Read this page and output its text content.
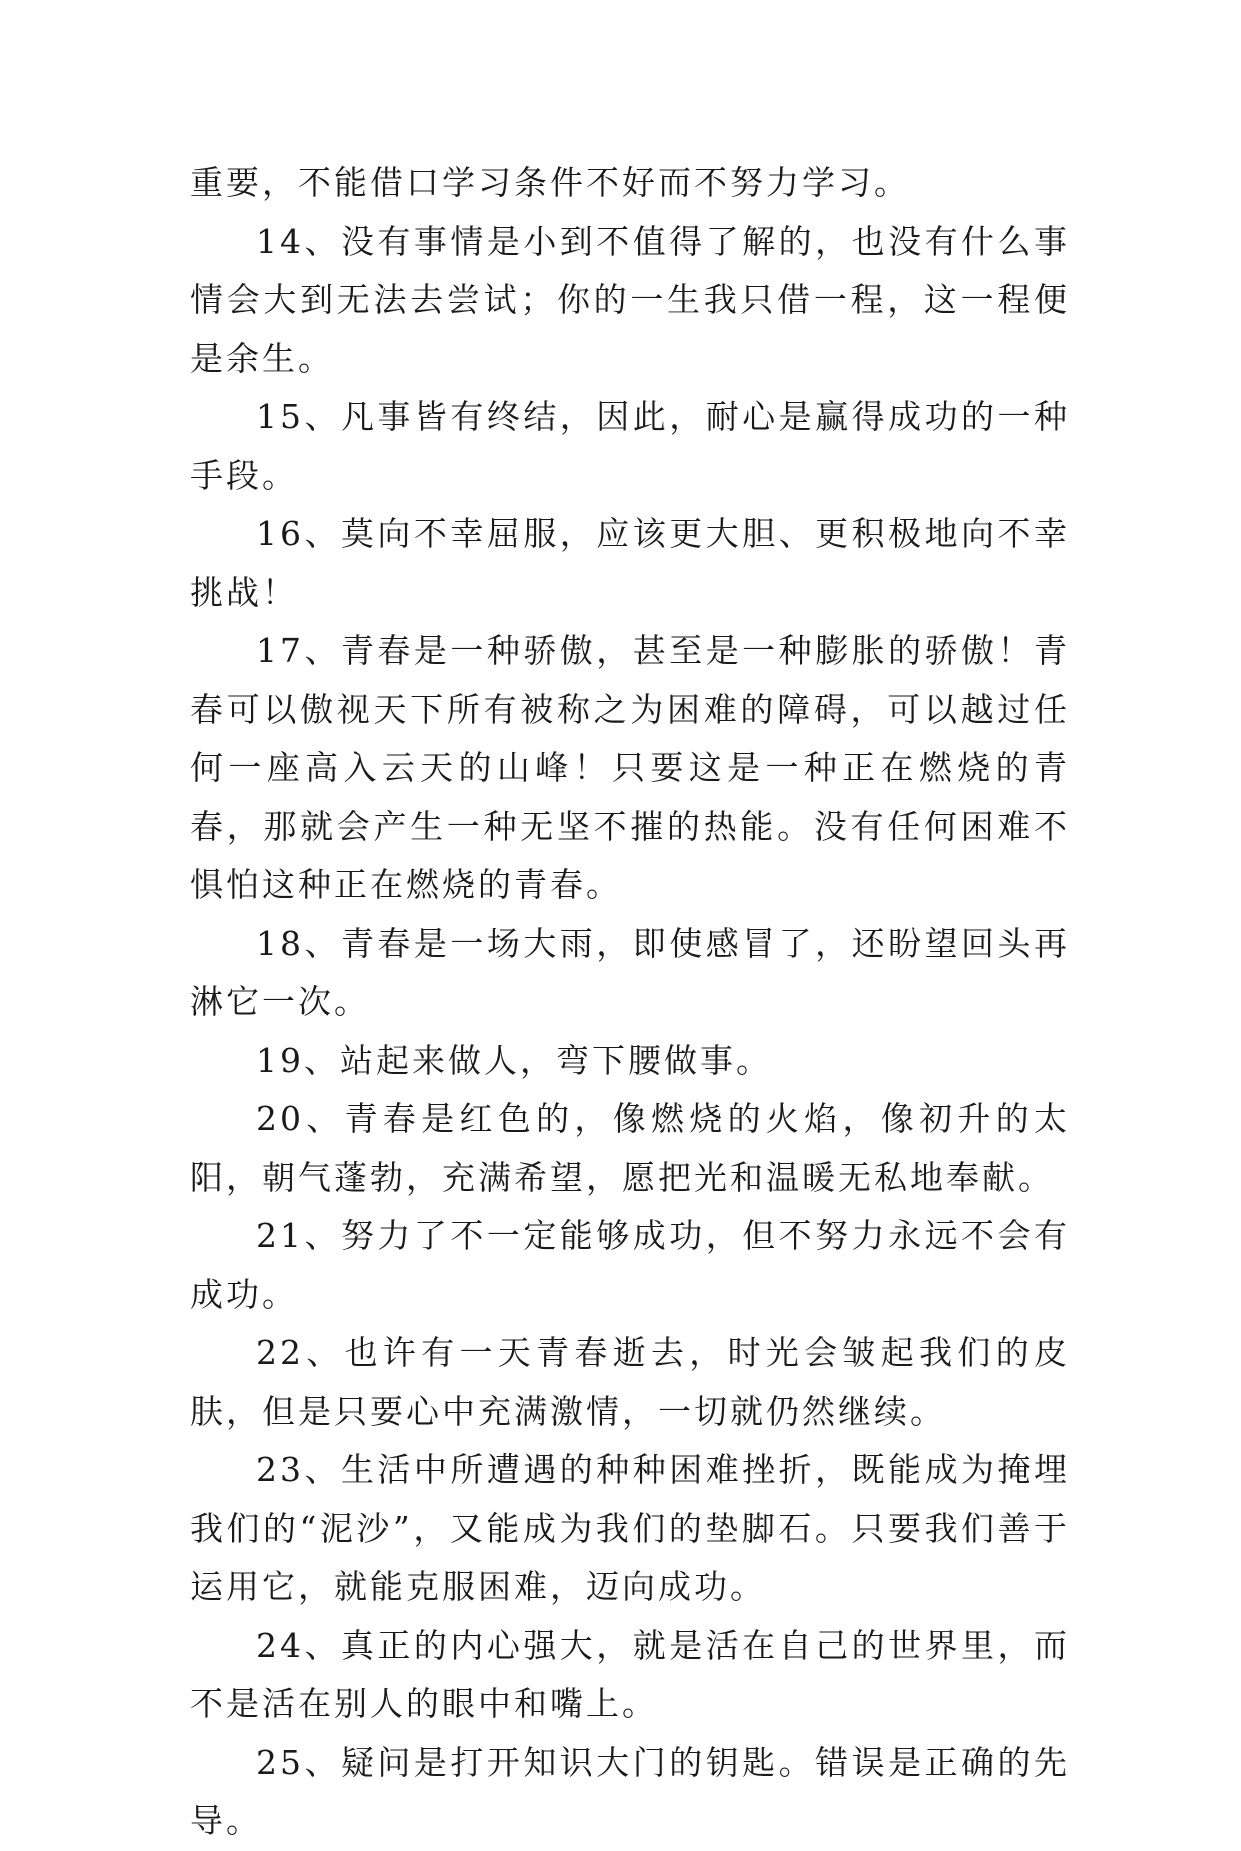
重要，不能借口学习条件不好而不努力学习。

14、没有事情是小到不值得了解的，也没有什么事情会大到无法去尝试；你的一生我只借一程，这一程便是余生。

15、凡事皆有终结，因此，耐心是赢得成功的一种手段。

16、莫向不幸屈服，应该更大胆、更积极地向不幸挑战！

17、青春是一种骄傲，甚至是一种膨胀的骄傲！青春可以傲视天下所有被称之为困难的障碍，可以越过任何一座高入云天的山峰！只要这是一种正在燃烧的青春，那就会产生一种无坚不摧的热能。没有任何困难不惧怕这种正在燃烧的青春。

18、青春是一场大雨，即使感冒了，还盼望回头再淋它一次。

19、站起来做人，弯下腰做事。

20、青春是红色的，像燃烧的火焰，像初升的太阳，朝气蓬勃，充满希望，愿把光和温暖无私地奉献。

21、努力了不一定能够成功，但不努力永远不会有成功。

22、也许有一天青春逝去，时光会皱起我们的皮肤，但是只要心中充满激情，一切就仍然继续。

23、生活中所遭遇的种种困难挫折，既能成为掩埋我们的“泥沙”，又能成为我们的垫脚石。只要我们善于运用它，就能克服困难，迈向成功。

24、真正的内心强大，就是活在自己的世界里，而不是活在别人的眼中和嘴上。

25、疑问是打开知识大门的钥匙。错误是正确的先导。
